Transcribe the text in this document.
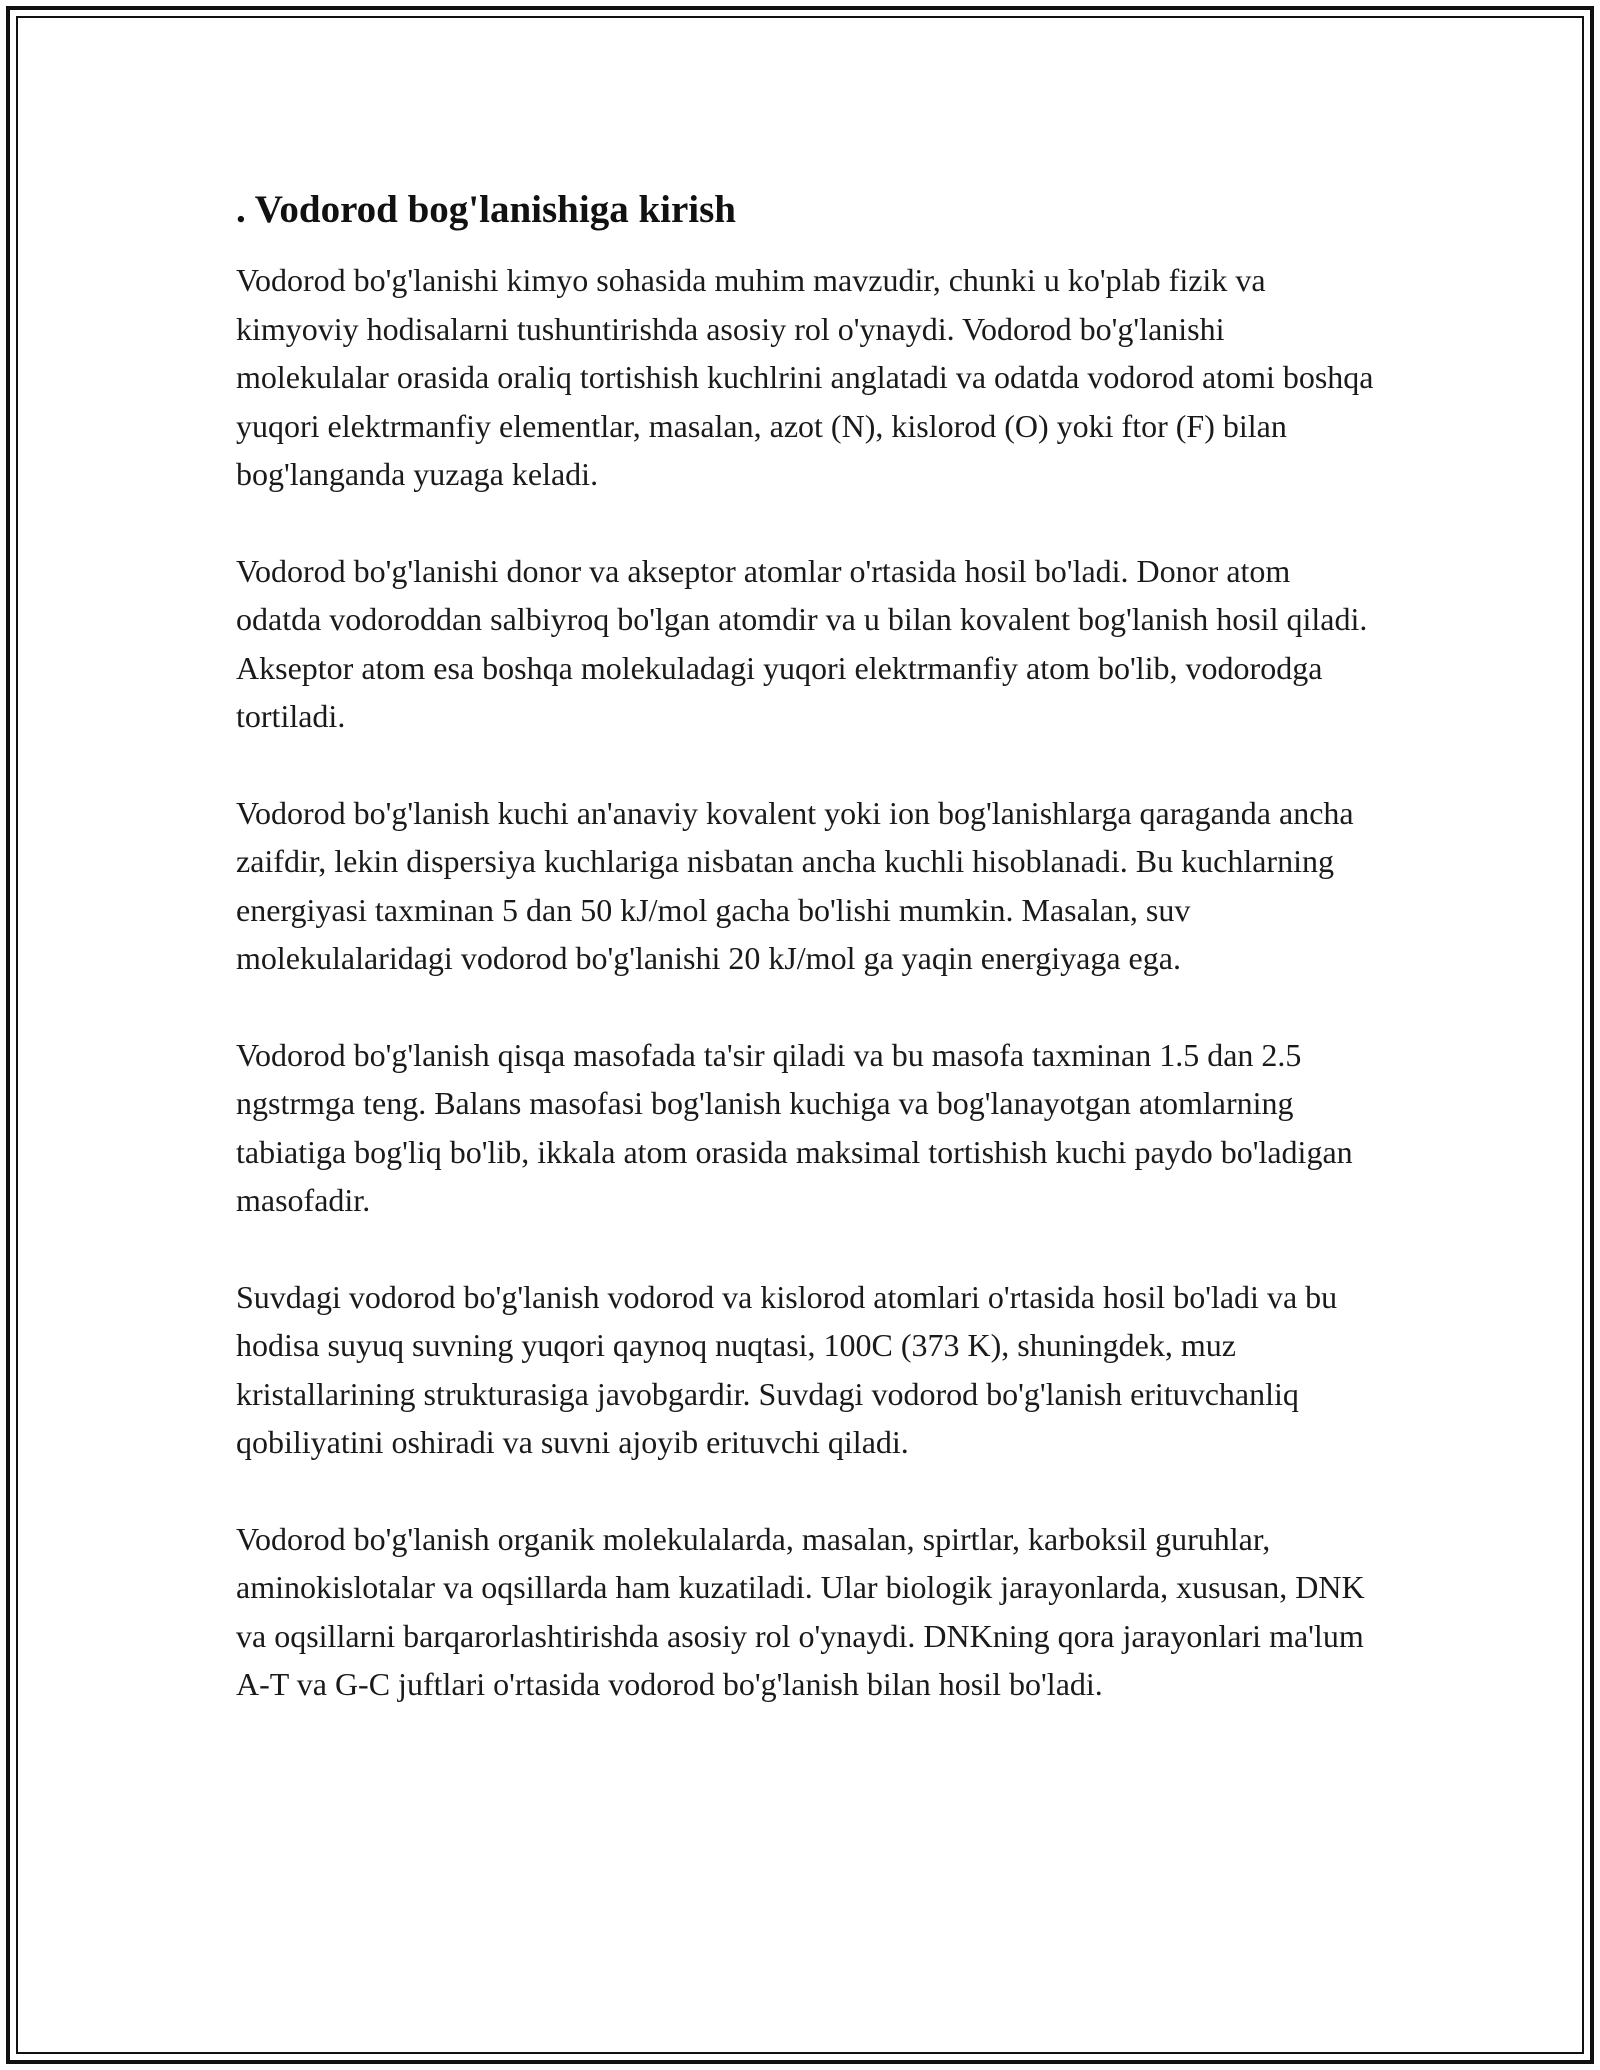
. Vodorod bog'lanishiga kirish

Vodorod bo'g'lanishi kimyo sohasida muhim mavzudir, chunki u ko'plab fizik va kimyoviy hodisalarni tushuntirishda asosiy rol o'ynaydi. Vodorod bo'g'lanishi molekulalar orasida oraliq tortishish kuchlrini anglatadi va odatda vodorod atomi boshqa yuqori elektrmanfiy elementlar, masalan, azot (N), kislorod (O) yoki ftor (F) bilan bog'langanda yuzaga keladi.

Vodorod bo'g'lanishi donor va akseptor atomlar o'rtasida hosil bo'ladi. Donor atom odatda vodoroddan salbiyroq bo'lgan atomdir va u bilan kovalent bog'lanish hosil qiladi. Akseptor atom esa boshqa molekuladagi yuqori elektrmanfiy atom bo'lib, vodorodga tortiladi.

Vodorod bo'g'lanish kuchi an'anaviy kovalent yoki ion bog'lanishlarga qaraganda ancha zaifdir, lekin dispersiya kuchlariga nisbatan ancha kuchli hisoblanadi. Bu kuchlarning energiyasi taxminan 5 dan 50 kJ/mol gacha bo'lishi mumkin. Masalan, suv molekulalaridagi vodorod bo'g'lanishi 20 kJ/mol ga yaqin energiyaga ega.

Vodorod bo'g'lanish qisqa masofada ta'sir qiladi va bu masofa taxminan 1.5 dan 2.5 ngstrmga teng. Balans masofasi bog'lanish kuchiga va bog'lanayotgan atomlarning tabiatiga bog'liq bo'lib, ikkala atom orasida maksimal tortishish kuchi paydo bo'ladigan masofadir.

Suvdagi vodorod bo'g'lanish vodorod va kislorod atomlari o'rtasida hosil bo'ladi va bu hodisa suyuq suvning yuqori qaynoq nuqtasi, 100C (373 K), shuningdek, muz kristallarining strukturasiga javobgardir. Suvdagi vodorod bo'g'lanish erituvchanliq qobiliyatini oshiradi va suvni ajoyib erituvchi qiladi.

Vodorod bo'g'lanish organik molekulalarda, masalan, spirtlar, karboksil guruhlar, aminokislotalar va oqsillarda ham kuzatiladi. Ular biologik jarayonlarda, xususan, DNK va oqsillarni barqarorlashtirishda asosiy rol o'ynaydi. DNKning qora jarayonlari ma'lum A-T va G-C juftlari o'rtasida vodorod bo'g'lanish bilan hosil bo'ladi.
